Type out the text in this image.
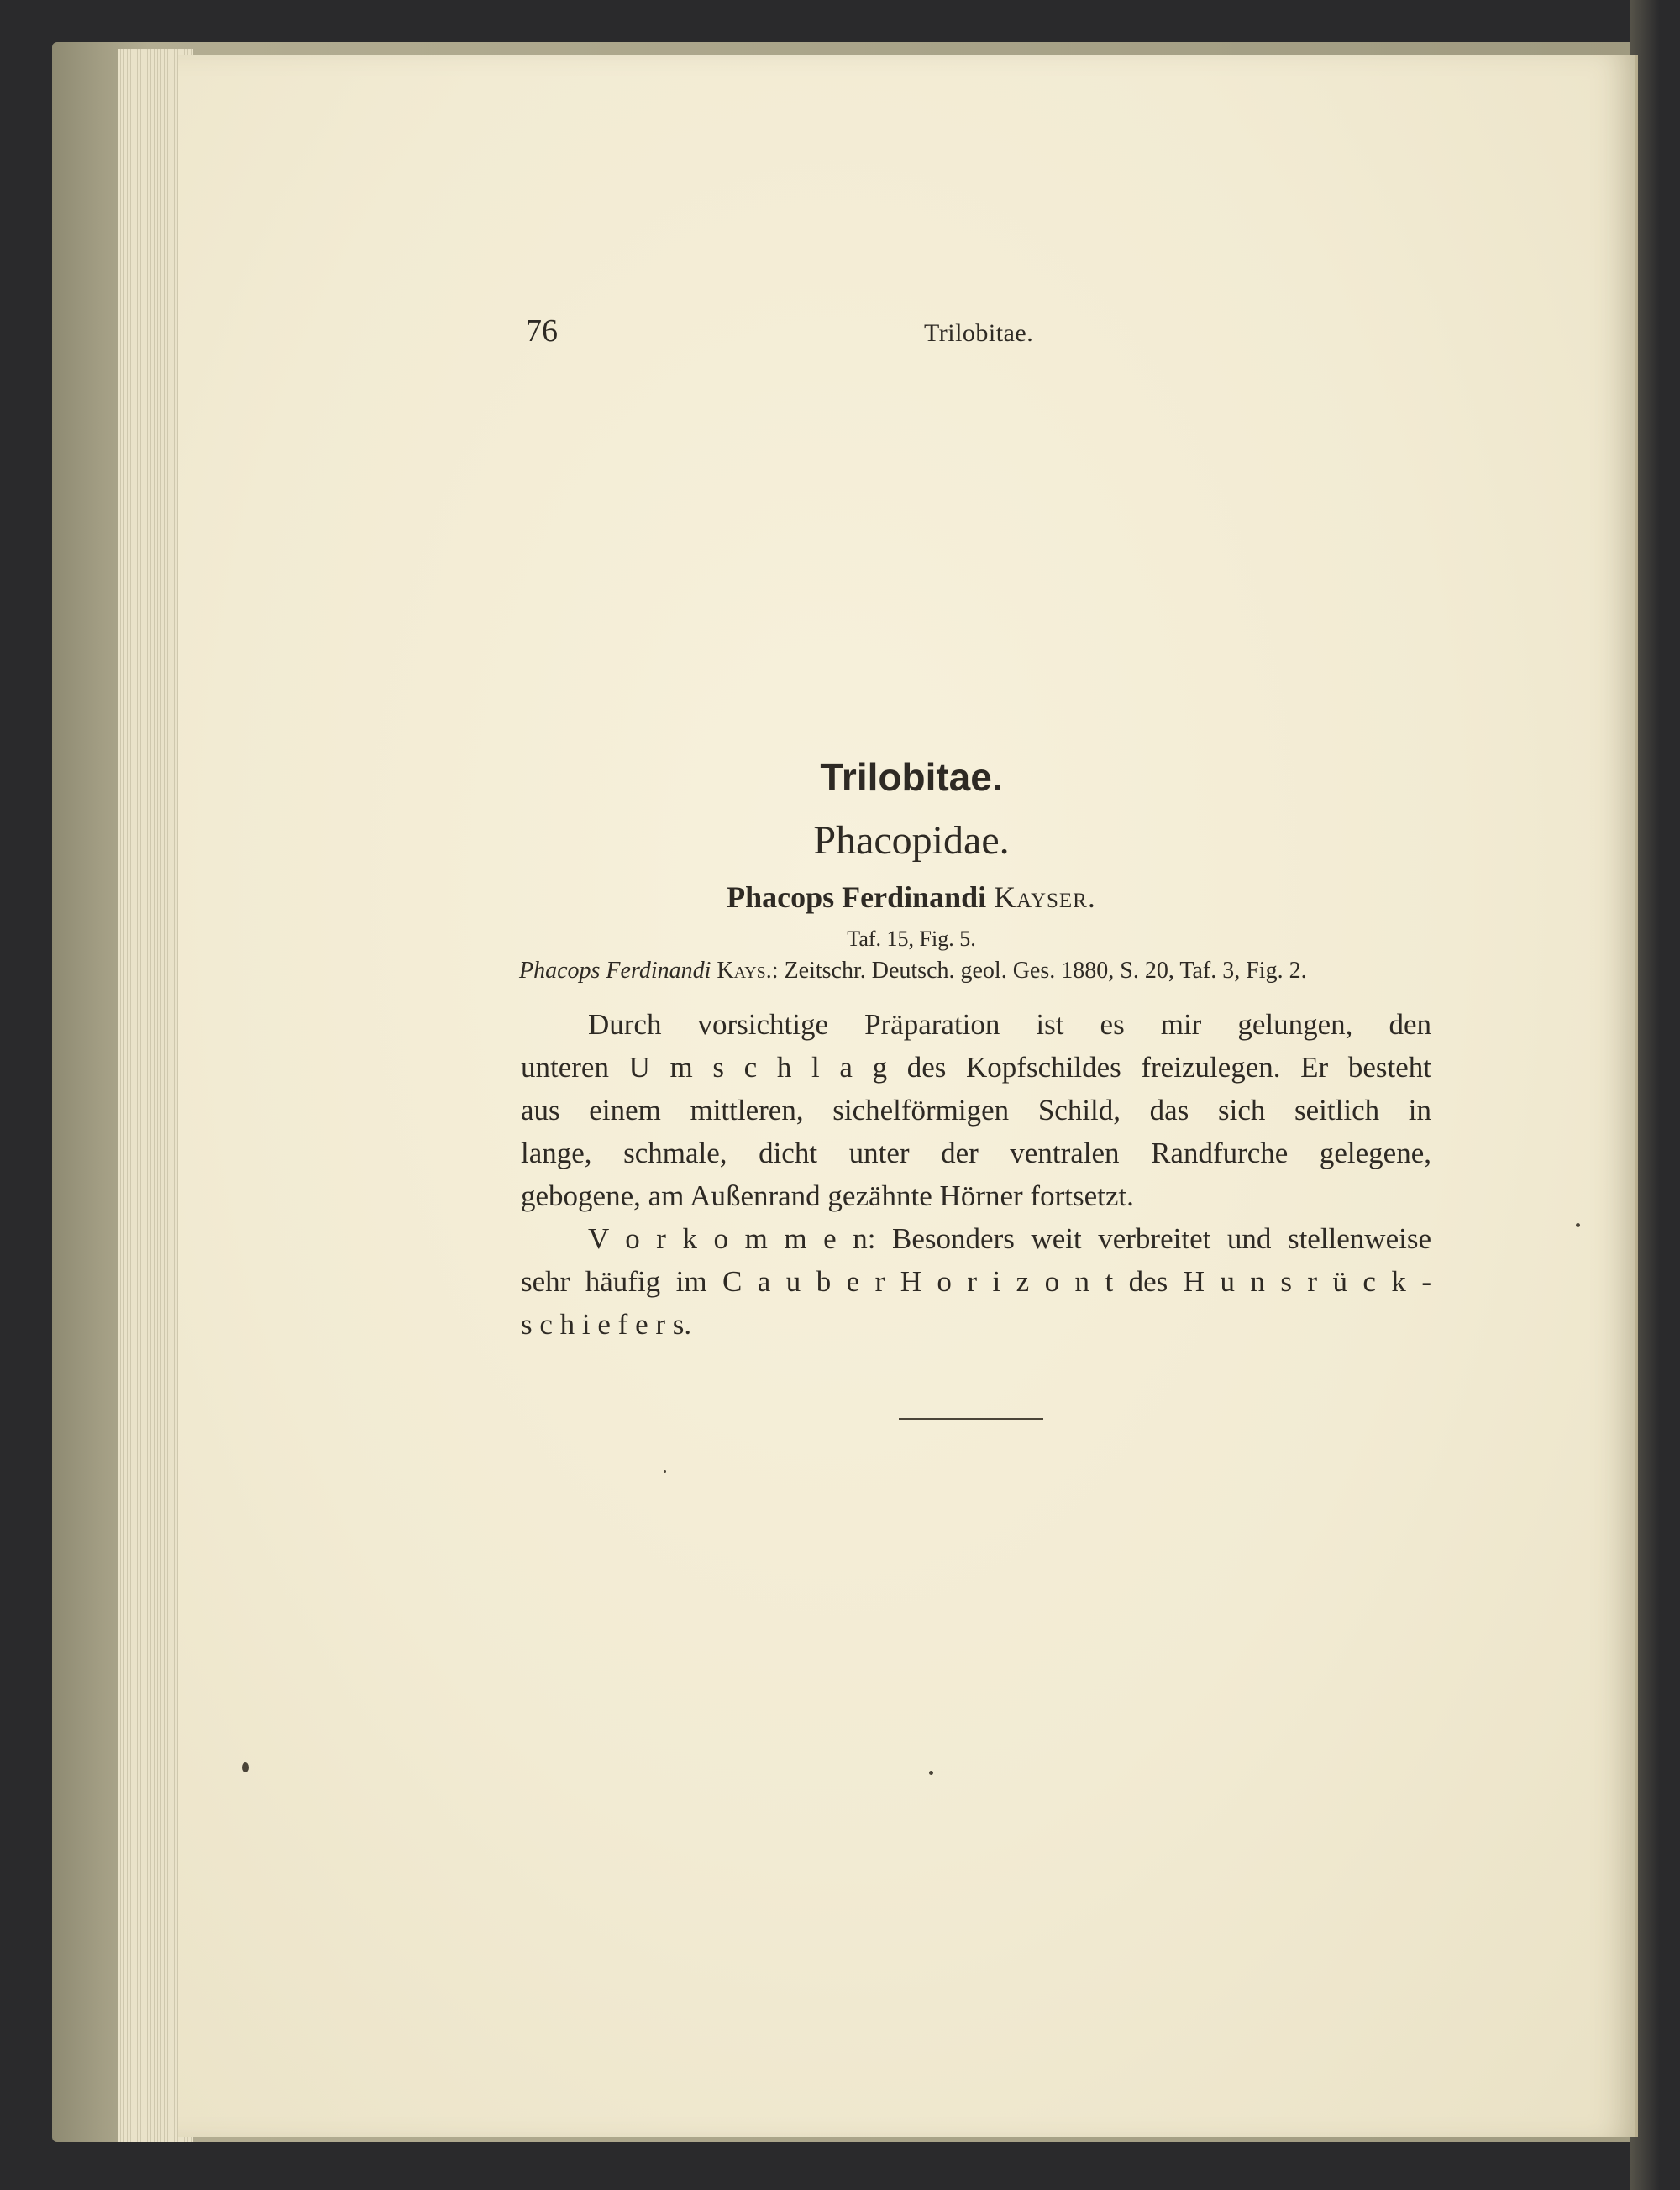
76	Trilobitae.
Trilobitae.
Phacopidae.
Phacops Ferdinandi Kayser.
Taf. 15, Fig. 5.
Phacops Ferdinandi Kays.: Zeitschr. Deutsch. geol. Ges. 1880, S. 20, Taf. 3, Fig. 2.
Durch vorsichtige Präparation ist es mir gelungen, den
unteren U m s c h l a g des Kopfschildes freizulegen. Er besteht
aus einem mittleren, sichelförmigen Schild, das sich seitlich in
lange, schmale, dicht unter der ventralen Randfurche gelegene,
gebogene, am Außenrand gezähnte Hörner fortsetzt.
V o r k o m m e n: Besonders weit verbreitet und stellenweise
sehr häufig im C a u b e r H o r i z o n t des H u n s r ü c k -
s c h i e f e r s.
